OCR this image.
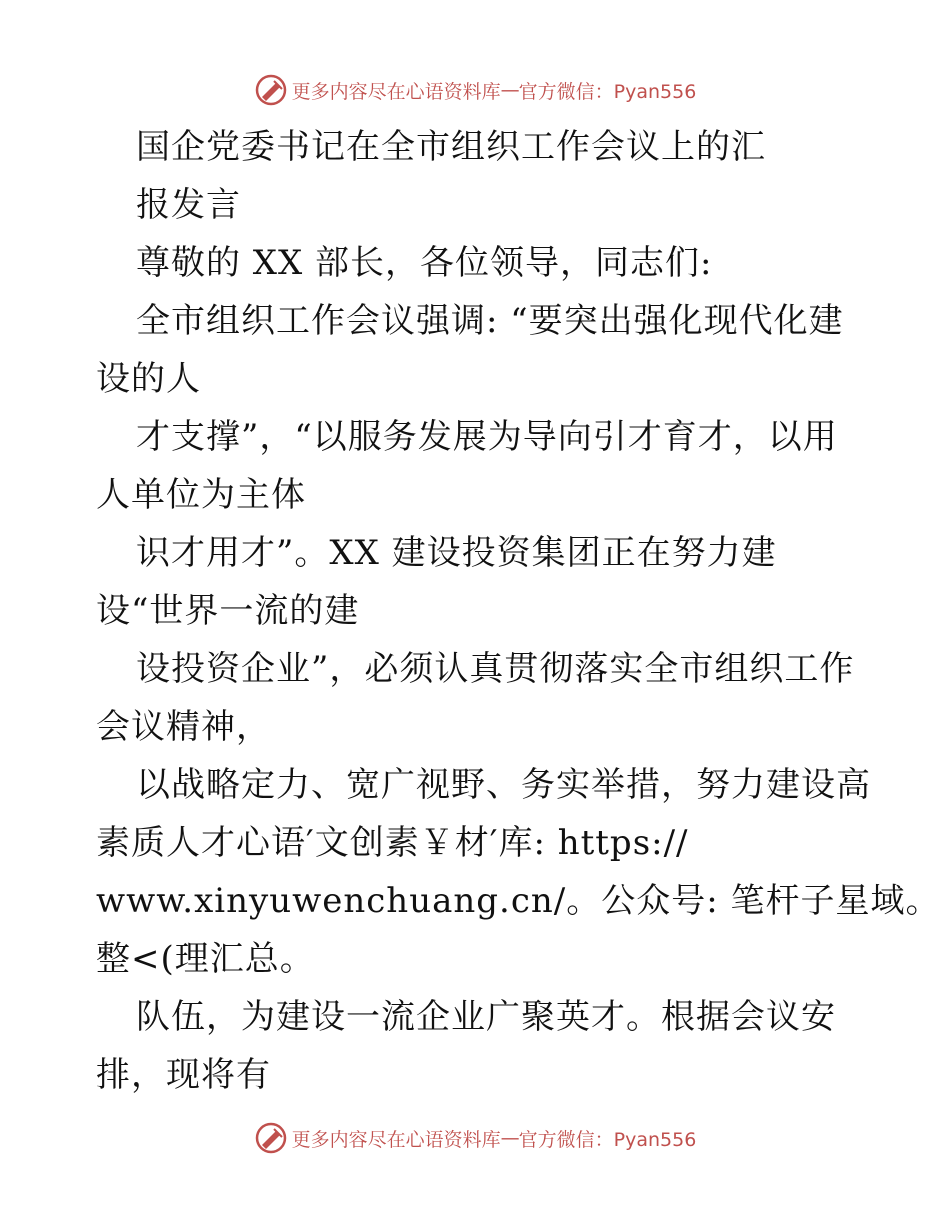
更多内容尽在心语资料库 — 官方微信：Pyan556
国企党委书记在全市组织工作会议上的汇
报发言
尊敬的 XX 部长，各位领导，同志们:
全市组织工作会议强调: “要突出强化现代化建
设的人
才支撑”，“以服务发展为导向引才育才，以用
人单位为主体
识才用才”。XX 建设投资集团正在努力建
设“世界一流的建
设投资企业”，必须认真贯彻落实全市组织工作
会议精神，
以战略定力、宽广视野、务实举措，努力建设高
素质人才心语′文创素￥材′库: https://
www.xinyuwenchuang.cn/。公众号: 笔杆子星域。
整<(理汇总。
队伍，为建设一流企业广聚英才。根据会议安
排，现将有
更多内容尽在心语资料库 — 官方微信：Pyan556
